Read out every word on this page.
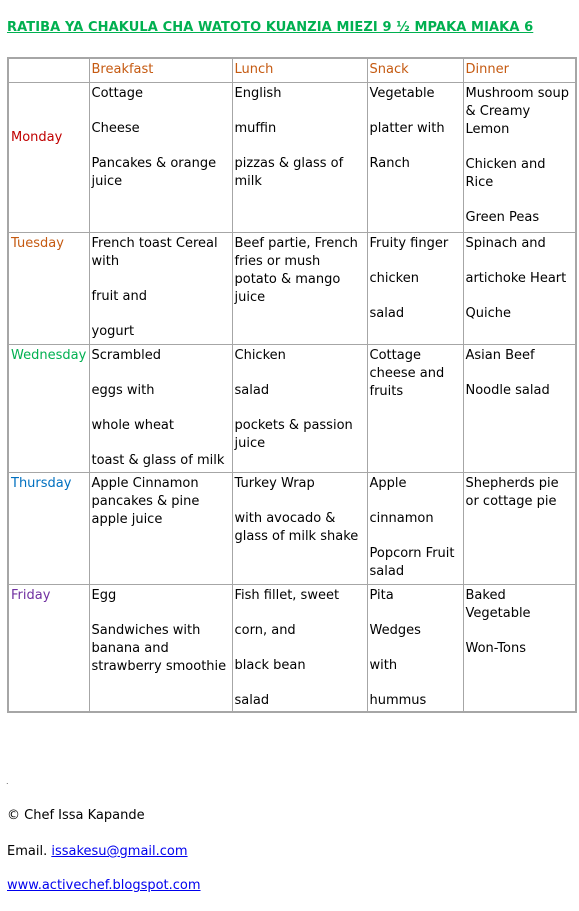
RATIBA YA CHAKULA CHA WATOTO KUANZIA MIEZI 9 ½ MPAKA MIAKA 6
	Breakfast	Lunch	Snack	Dinner

Monday	Cottage
Cheese
Pancakes & orange juice	English
muffin
pizzas & glass of milk	Vegetable
platter with
Ranch	Mushroom soup & Creamy Lemon
Chicken and Rice
Green Peas

Tuesday	French toast Cereal with
fruit and
yogurt	Beef partie, French fries or mush potato & mango juice	Fruity finger
chicken
salad	Spinach and
artichoke Heart
Quiche

Wednesday	Scrambled
eggs with
whole wheat
toast & glass of milk	Chicken
salad
pockets & passion juice	Cottage cheese and fruits	Asian Beef
Noodle salad

Thursday	Apple Cinnamon pancakes & pine apple juice	Turkey Wrap
with avocado & glass of milk shake	Apple
cinnamon
Popcorn Fruit salad	Shepherds pie or cottage pie

Friday	Egg
Sandwiches with banana and strawberry smoothie	Fish fillet, sweet
corn, and
black bean
salad	Pita
Wedges
with
hummus	Baked Vegetable
Won-Tons
.
© Chef Issa Kapande
Email. issakesu@gmail.com
www.activechef.blogspot.com
